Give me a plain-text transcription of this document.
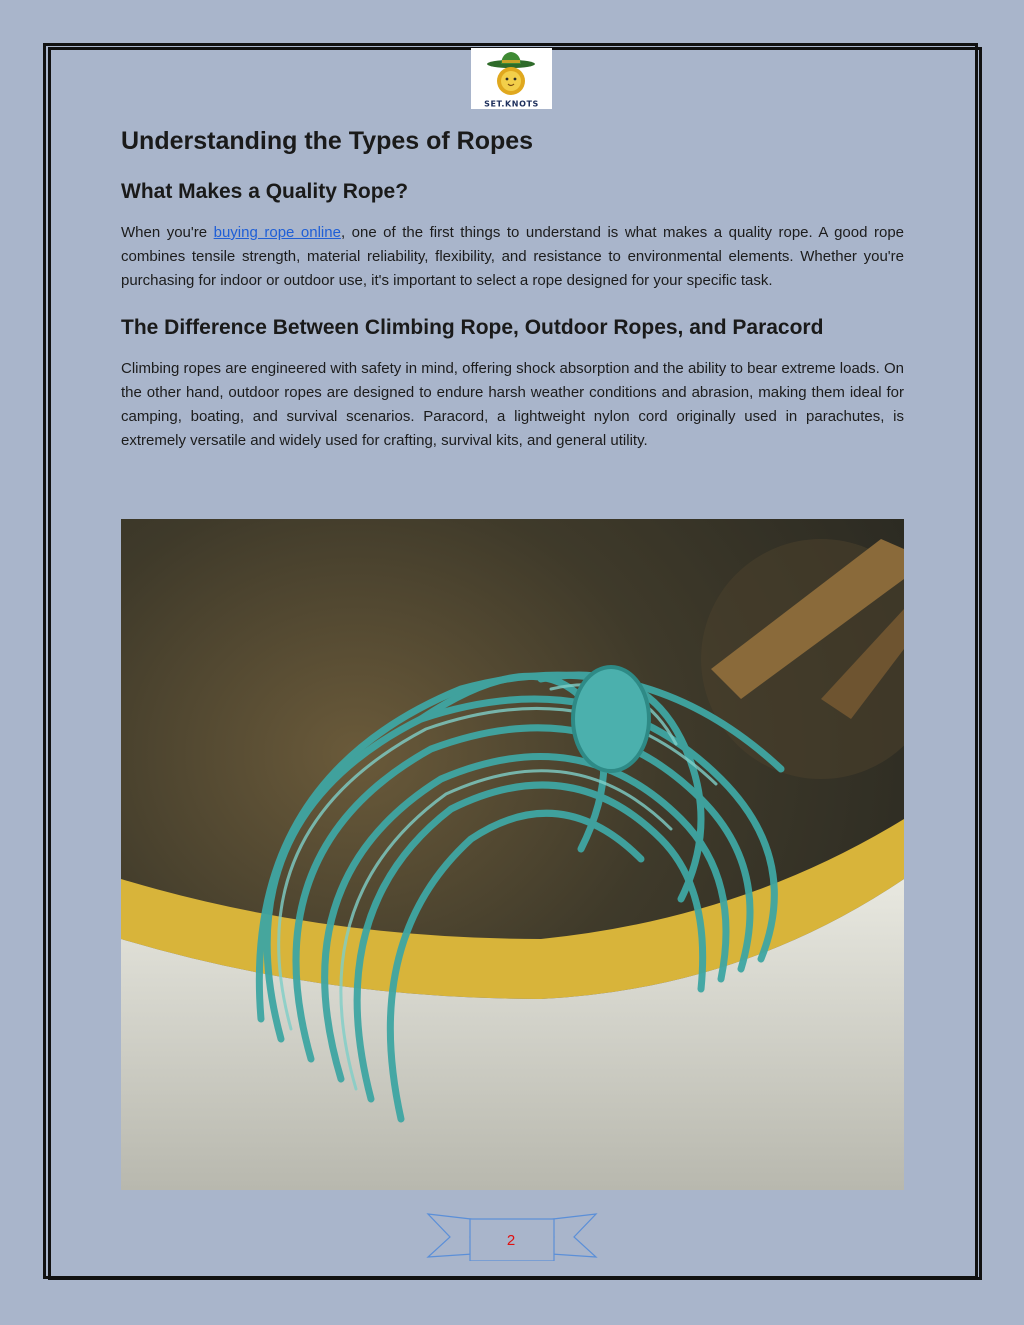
SET.KNOTS
Understanding the Types of Ropes
What Makes a Quality Rope?

When you're buying rope online, one of the first things to understand is what makes a quality rope. A good rope combines tensile strength, material reliability, flexibility, and resistance to environmental elements. Whether you're purchasing for indoor or outdoor use, it's important to select a rope designed for your specific task.

The Difference Between Climbing Rope, Outdoor Ropes, and Paracord

Climbing ropes are engineered with safety in mind, offering shock absorption and the ability to bear extreme loads. On the other hand, outdoor ropes are designed to endure harsh weather conditions and abrasion, making them ideal for camping, boating, and survival scenarios. Paracord, a lightweight nylon cord originally used in parachutes, is extremely versatile and widely used for crafting, survival kits, and general utility.

2
